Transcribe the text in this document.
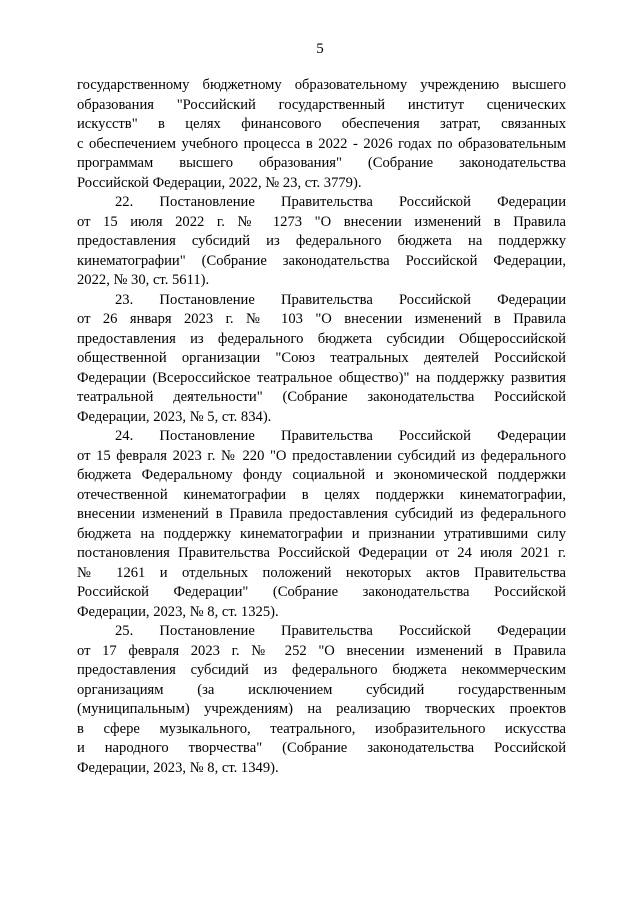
5
государственному бюджетному образовательному учреждению высшего
образования "Российский государственный институт сценических
искусств" в целях финансового обеспечения затрат, связанных
с обеспечением учебного процесса в 2022 - 2026 годах по образовательным
программам высшего образования" (Собрание законодательства
Российской Федерации, 2022, № 23, ст. 3779).
22. Постановление Правительства Российской Федерации
от 15 июля 2022 г. № 1273 "О внесении изменений в Правила
предоставления субсидий из федерального бюджета на поддержку
кинематографии" (Собрание законодательства Российской Федерации,
2022, № 30, ст. 5611).
23. Постановление Правительства Российской Федерации
от 26 января 2023 г. № 103 "О внесении изменений в Правила
предоставления из федерального бюджета субсидии Общероссийской
общественной организации "Союз театральных деятелей Российской
Федерации (Всероссийское театральное общество)" на поддержку развития
театральной деятельности" (Собрание законодательства Российской
Федерации, 2023, № 5, ст. 834).
24. Постановление Правительства Российской Федерации
от 15 февраля 2023 г. № 220 "О предоставлении субсидий из федерального
бюджета Федеральному фонду социальной и экономической поддержки
отечественной кинематографии в целях поддержки кинематографии,
внесении изменений в Правила предоставления субсидий из федерального
бюджета на поддержку кинематографии и признании утратившими силу
постановления Правительства Российской Федерации от 24 июля 2021 г.
№ 1261 и отдельных положений некоторых актов Правительства
Российской Федерации" (Собрание законодательства Российской
Федерации, 2023, № 8, ст. 1325).
25. Постановление Правительства Российской Федерации
от 17 февраля 2023 г. № 252 "О внесении изменений в Правила
предоставления субсидий из федерального бюджета некоммерческим
организациям (за исключением субсидий государственным
(муниципальным) учреждениям) на реализацию творческих проектов
в сфере музыкального, театрального, изобразительного искусства
и народного творчества" (Собрание законодательства Российской
Федерации, 2023, № 8, ст. 1349).
